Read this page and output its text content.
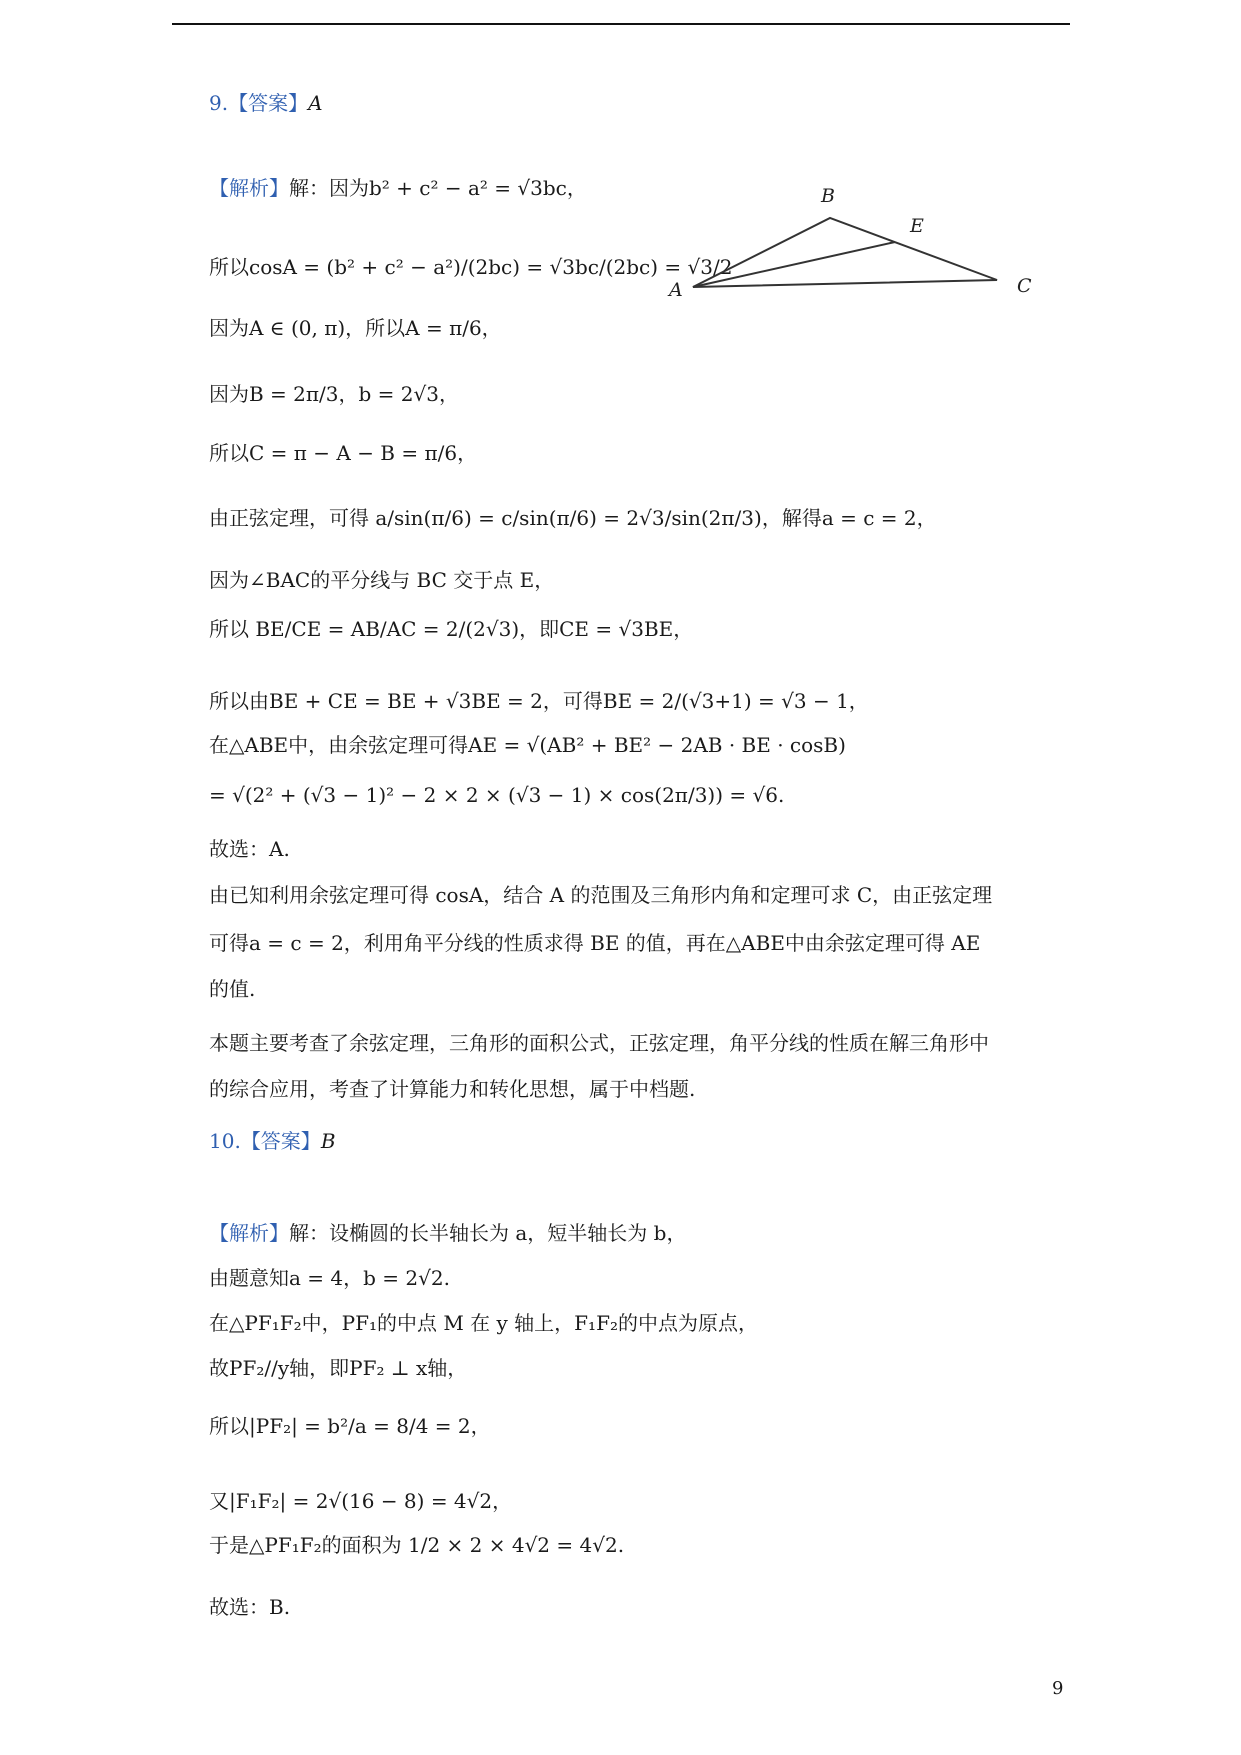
9.【答案】A
【解析】解：因为b² + c² − a² = √3bc，
所以cosA = (b² + c² − a²)/(2bc) = √3bc/(2bc) = √3/2
因为A ∈ (0, π)，所以A = π/6，
因为B = 2π/3，b = 2√3，
所以C = π − A − B = π/6，
由正弦定理，可得 a/sin(π/6) = c/sin(π/6) = 2√3/sin(2π/3)，解得a = c = 2，
因为∠BAC的平分线与 BC 交于点 E，
所以 BE/CE = AB/AC = 2/(2√3)，即CE = √3BE，
所以由BE + CE = BE + √3BE = 2，可得BE = 2/(√3+1) = √3 − 1，
在△ABE中，由余弦定理可得AE = √(AB² + BE² − 2AB · BE · cosB)
= √(2² + (√3 − 1)² − 2 × 2 × (√3 − 1) × cos(2π/3)) = √6.
故选：A.
由已知利用余弦定理可得 cosA，结合 A 的范围及三角形内角和定理可求 C，由正弦定理
可得a = c = 2，利用角平分线的性质求得 BE 的值，再在△ABE中由余弦定理可得 AE
的值.
本题主要考查了余弦定理，三角形的面积公式，正弦定理，角平分线的性质在解三角形中
的综合应用，考查了计算能力和转化思想，属于中档题.
A
B
C
E
10.【答案】B
【解析】解：设椭圆的长半轴长为 a，短半轴长为 b，
由题意知a = 4，b = 2√2.
在△PF₁F₂中，PF₁的中点 M 在 y 轴上，F₁F₂的中点为原点，
故PF₂//y轴，即PF₂ ⊥ x轴，
所以|PF₂| = b²/a = 8/4 = 2，
又|F₁F₂| = 2√(16 − 8) = 4√2，
于是△PF₁F₂的面积为 1/2 × 2 × 4√2 = 4√2.
故选：B.
9
